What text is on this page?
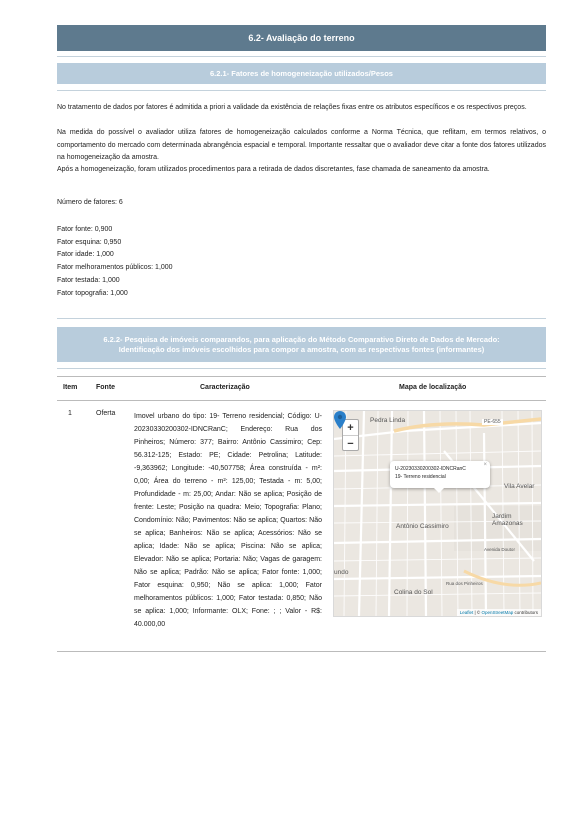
6.2- Avaliação do terreno
6.2.1- Fatores de homogeneização utilizados/Pesos

No tratamento de dados por fatores é admitida a priori a validade da existência de relações fixas entre os atributos específicos e os respectivos preços.

Na medida do possível o avaliador utiliza fatores de homogeneização calculados conforme a Norma Técnica, que reflitam, em termos relativos, o comportamento do mercado com determinada abrangência espacial e temporal. Importante ressaltar que o avaliador deve citar a fonte dos fatores utilizados na homogeneização da amostra.

Após a homogeneização, foram utilizados procedimentos para a retirada de dados discretantes, fase chamada de saneamento da amostra.

Número de fatores: 6
Fator fonte: 0,900
Fator esquina: 0,950
Fator idade: 1,000
Fator melhoramentos públicos: 1,000
Fator testada: 1,000
Fator topografia: 1,000
6.2.2- Pesquisa de imóveis comparandos, para aplicação do Método Comparativo Direto de Dados de Mercado:
Identificação dos imóveis escolhidos para compor a amostra, com as respectivas fontes (informantes)
Item	Fonte	Caracterização	Mapa de localização
1	Oferta	Imovel urbano do tipo: 19- Terreno residencial; Código: U-20230330200302-IDNCRanC; Endereço: Rua dos Pinheiros; Número: 377; Bairro: Antônio Cassimiro; Cep: 56.312-125; Estado: PE; Cidade: Petrolina; Latitude: -9,363962; Longitude: -40,507758; Área construída - m²: 0,00; Área do terreno - m²: 125,00; Testada - m: 5,00; Profundidade - m: 25,00; Andar: Não se aplica; Posição de frente: Leste; Posição na quadra: Meio; Topografia: Plano; Condomínio: Não; Pavimentos: Não se aplica; Quartos: Não se aplica; Banheiros: Não se aplica; Acessórios: Não se aplica; Idade: Não se aplica; Piscina: Não se aplica; Elevador: Não se aplica; Portaria: Não; Vagas de garagem: Não se aplica; Padrão: Não se aplica; Fator fonte: 1,000; Fator esquina: 0,950; Não se aplica: 1,000; Fator melhoramentos públicos: 1,000; Fator testada: 0,850; Não se aplica: 1,000; Informante: OLX; Fone: ; ; Valor - R$: 40.000,00

+
−
Pedra Linda	PE-655
Antônio Cassimiro
Colina do Sol
Jardim Amazonas
Vila Avelar
undo
Rua dos Pinheiros
Avenida Doutor
×
U-20230330200302-IDNCRanC
19- Terreno residencial
Leaflet | © OpenStreetMap contributors
